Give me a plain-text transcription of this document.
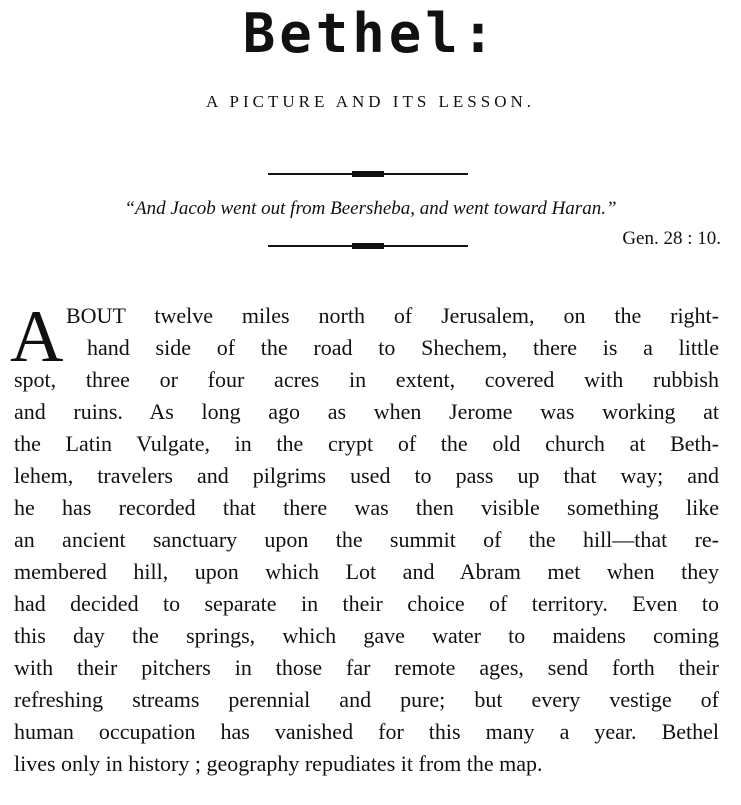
Bethel:
A PICTURE AND ITS LESSON.
“And Jacob went out from Beersheba, and went toward Haran.”
Gen. 28 : 10.
A BOUT twelve miles north of Jerusalem, on the right-
hand side of the road to Shechem, there is a little
spot, three or four acres in extent, covered with rubbish
and ruins. As long ago as when Jerome was working at
the Latin Vulgate, in the crypt of the old church at Beth-
lehem, travelers and pilgrims used to pass up that way; and
he has recorded that there was then visible something like
an ancient sanctuary upon the summit of the hill—that re-
membered hill, upon which Lot and Abram met when they
had decided to separate in their choice of territory. Even to
this day the springs, which gave water to maidens coming
with their pitchers in those far remote ages, send forth their
refreshing streams perennial and pure; but every vestige of
human occupation has vanished for this many a year. Bethel
lives only in history ; geography repudiates it from the map.
